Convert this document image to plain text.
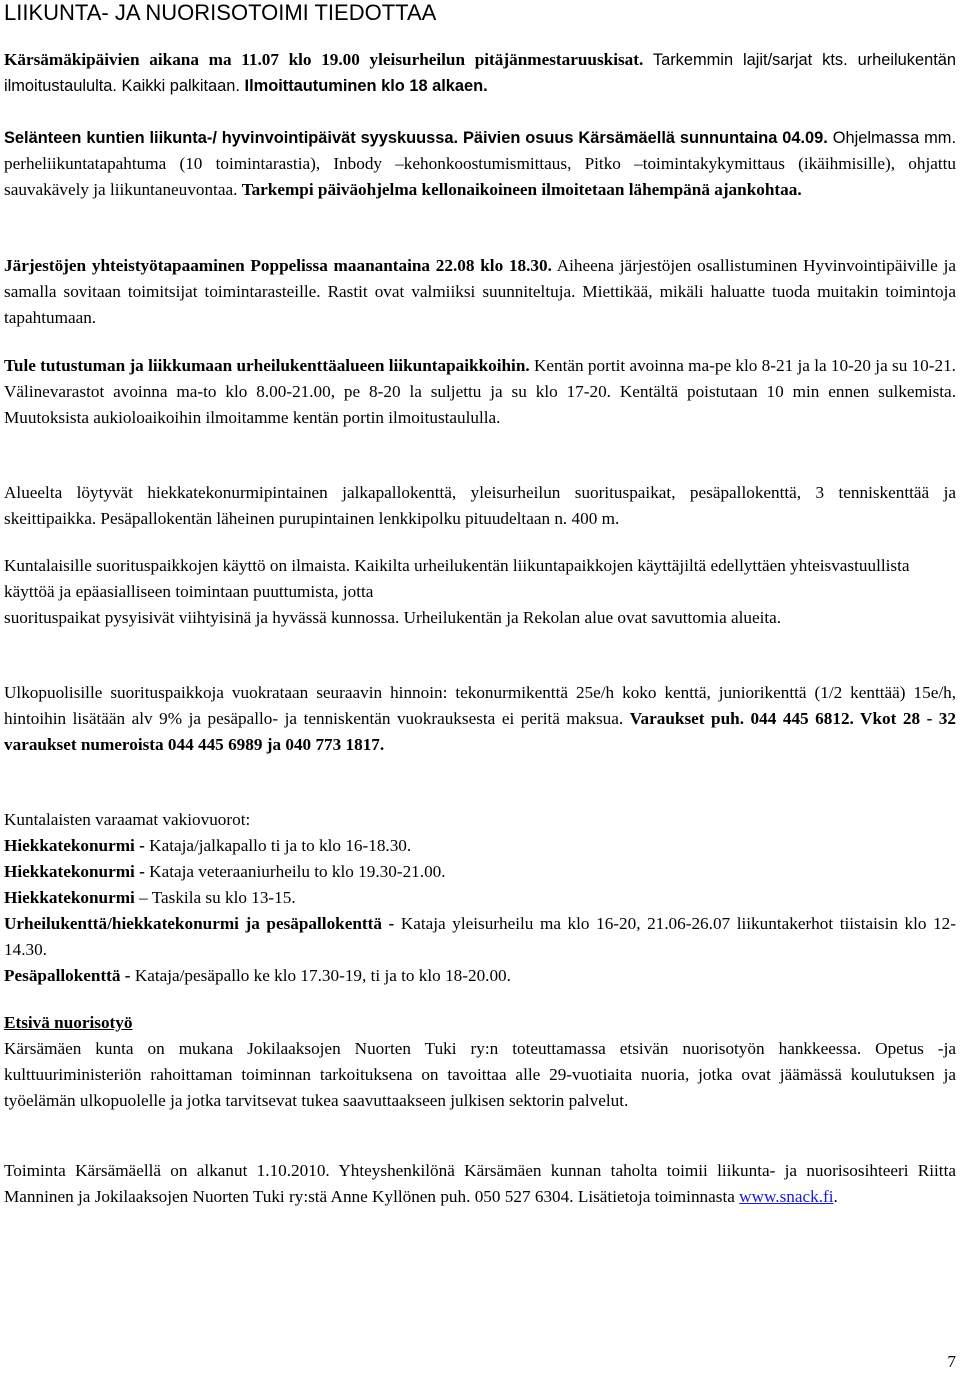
LIIKUNTA- JA NUORISOTOIMI TIEDOTTAA

Kärsämäkipäivien aikana ma 11.07 klo 19.00 yleisurheilun pitäjänmestaruuskisat. Tarkemmin lajit/sarjat kts. urheilukentän ilmoitustaululta. Kaikki palkitaan. Ilmoittautuminen klo 18 alkaen.

Selänteen kuntien liikunta-/ hyvinvointipäivät syyskuussa. Päivien osuus Kärsämäellä sunnuntaina 04.09. Ohjelmassa mm. perheliikuntatapahtuma (10 toimintarastia), Inbody –kehonkoostumismittaus, Pitko –toimintakykymittaus (ikäihmisille), ohjattu sauvakävely ja liikuntaneuvontaa. Tarkempi päiväohjelma kellonaikoineen ilmoitetaan lähempänä ajankohtaa.

Järjestöjen yhteistyötapaaminen Poppelissa maanantaina 22.08 klo 18.30. Aiheena järjestöjen osallistuminen Hyvinvointipäiville ja samalla sovitaan toimitsijat toimintarasteille. Rastit ovat valmiiksi suunniteltuja. Miettikää, mikäli haluatte tuoda muitakin toimintoja tapahtumaan.

Tule tutustuman ja liikkumaan urheilukenttäalueen liikuntapaikkoihin. Kentän portit avoinna ma-pe klo 8-21 ja la 10-20 ja su 10-21. Välinevarastot avoinna ma-to klo 8.00-21.00, pe 8-20 la suljettu ja su klo 17-20. Kentältä poistutaan 10 min ennen sulkemista. Muutoksista aukioloaikoihin ilmoitamme kentän portin ilmoitustaululla.

Alueelta löytyvät hiekkatekonurmipintainen jalkapallokenttä, yleisurheilun suorituspaikat, pesäpallokenttä, 3 tenniskenttää ja skeittipaikka. Pesäpallokentän läheinen purupintainen lenkkipolku pituudeltaan n. 400 m.

Kuntalaisille suorituspaikkojen käyttö on ilmaista. Kaikilta urheilukentän liikuntapaikkojen käyttäjiltä edellyttäen yhteisvastuullista käyttöä ja epäasialliseen toimintaan puuttumista, jotta
suorituspaikat pysyisivät viihtyisinä ja hyvässä kunnossa. Urheilukentän ja Rekolan alue ovat savuttomia alueita.

Ulkopuolisille suorituspaikkoja vuokrataan seuraavin hinnoin: tekonurmikenttä 25e/h koko kenttä, juniorikenttä (1/2 kenttää) 15e/h, hintoihin lisätään alv 9% ja pesäpallo- ja tenniskentän vuokrauksesta ei peritä maksua. Varaukset puh. 044 445 6812. Vkot 28 - 32 varaukset numeroista 044 445 6989 ja 040 773 1817.

Kuntalaisten varaamat vakiovuorot:
Hiekkatekonurmi - Kataja/jalkapallo ti ja to klo 16-18.30.
Hiekkatekonurmi - Kataja veteraaniurheilu to klo 19.30-21.00.
Hiekkatekonurmi – Taskila su klo 13-15.
Urheilukenttä/hiekkatekonurmi ja pesäpallokenttä - Kataja yleisurheilu ma klo 16-20, 21.06-26.07 liikuntakerhot tiistaisin klo 12-14.30.
Pesäpallokenttä - Kataja/pesäpallo ke klo 17.30-19, ti ja to klo 18-20.00.
Etsivä nuorisotyö
Kärsämäen kunta on mukana Jokilaaksojen Nuorten Tuki ry:n toteuttamassa etsivän nuorisotyön hankkeessa. Opetus -ja kulttuuriministeriön rahoittaman toiminnan tarkoituksena on tavoittaa alle 29-vuotiaita nuoria, jotka ovat jäämässä koulutuksen ja työelämän ulkopuolelle ja jotka tarvitsevat tukea saavuttaakseen julkisen sektorin palvelut.

Toiminta Kärsämäellä on alkanut 1.10.2010. Yhteyshenkilönä Kärsämäen kunnan taholta toimii liikunta- ja nuorisosihteeri Riitta Manninen ja Jokilaaksojen Nuorten Tuki ry:stä Anne Kyllönen puh. 050 527 6304. Lisätietoja toiminnasta www.snack.fi.

7
